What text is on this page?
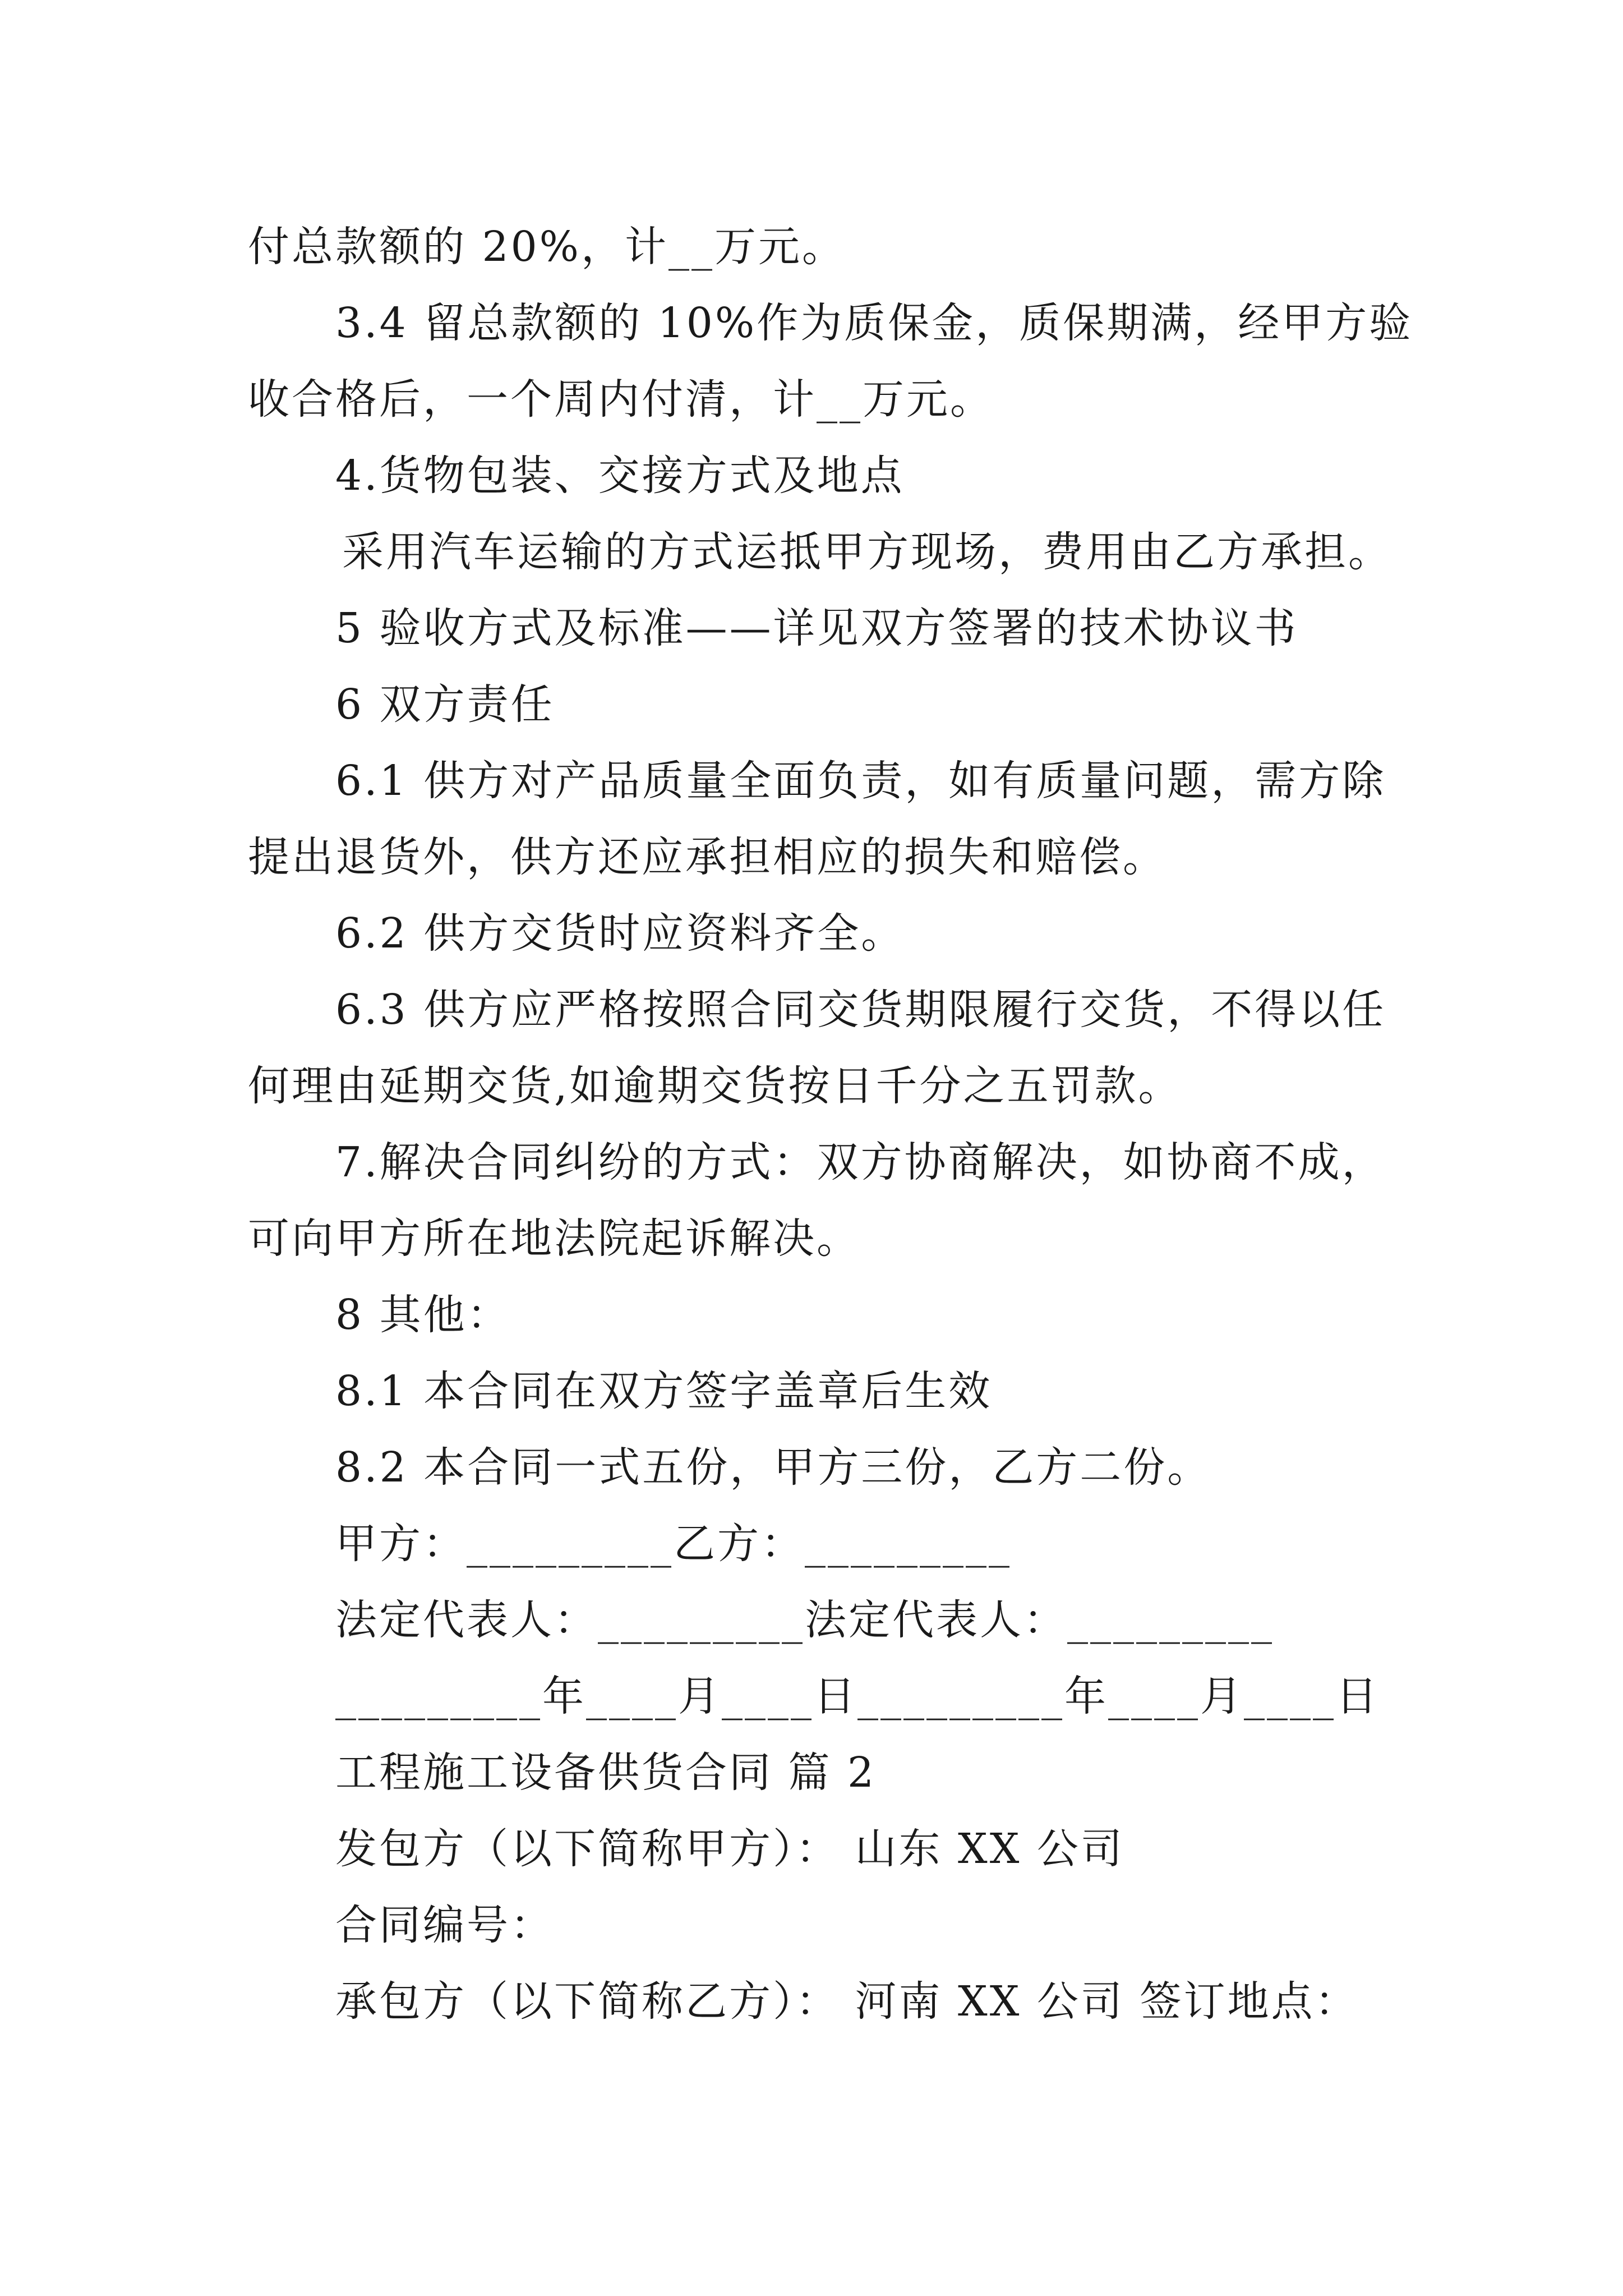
付总款额的 20%，计__万元。
3.4 留总款额的 10%作为质保金，质保期满，经甲方验
收合格后，一个周内付清，计__万元。
4.货物包装、交接方式及地点
采用汽车运输的方式运抵甲方现场，费用由乙方承担。
5 验收方式及标准——详见双方签署的技术协议书
6 双方责任
6.1 供方对产品质量全面负责，如有质量问题，需方除
提出退货外，供方还应承担相应的损失和赔偿。
6.2 供方交货时应资料齐全。
6.3 供方应严格按照合同交货期限履行交货，不得以任
何理由延期交货,如逾期交货按日千分之五罚款。
7.解决合同纠纷的方式：双方协商解决，如协商不成，
可向甲方所在地法院起诉解决。
8 其他：
8.1 本合同在双方签字盖章后生效
8.2 本合同一式五份，甲方三份，乙方二份。
甲方：_________乙方：_________
法定代表人：_________法定代表人：_________
_________年____月____日_________年____月____日
工程施工设备供货合同 篇 2
发包方（以下简称甲方）： 山东 XX 公司
合同编号：
承包方（以下简称乙方）： 河南 XX 公司 签订地点：
